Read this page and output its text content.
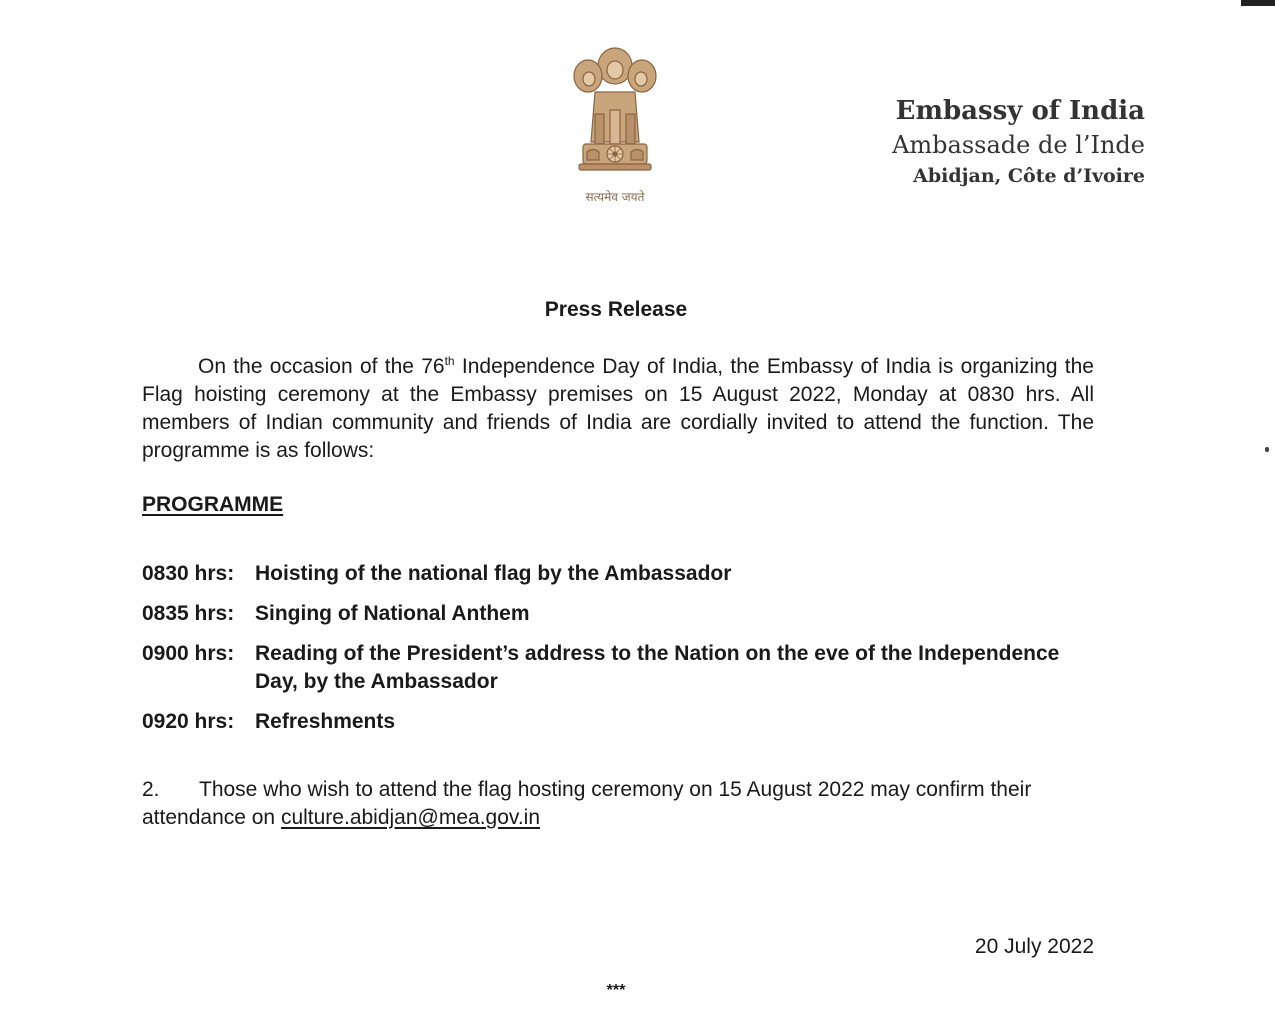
सत्यमेव जयते
Embassy of India
Ambassade de l’Inde
Abidjan, Côte d’Ivoire
Press Release
On the occasion of the 76th Independence Day of India, the Embassy of India is organizing the Flag hoisting ceremony at the Embassy premises on 15 August 2022, Monday at 0830 hrs. All members of Indian community and friends of India are cordially invited to attend the function. The programme is as follows:
PROGRAMME
0830 hrs: Hoisting of the national flag by the Ambassador
0835 hrs: Singing of National Anthem
0900 hrs: Reading of the President’s address to the Nation on the eve of the Independence Day, by the Ambassador
0920 hrs: Refreshments
2. Those who wish to attend the flag hosting ceremony on 15 August 2022 may confirm their attendance on culture.abidjan@mea.gov.in
20 July 2022
***
